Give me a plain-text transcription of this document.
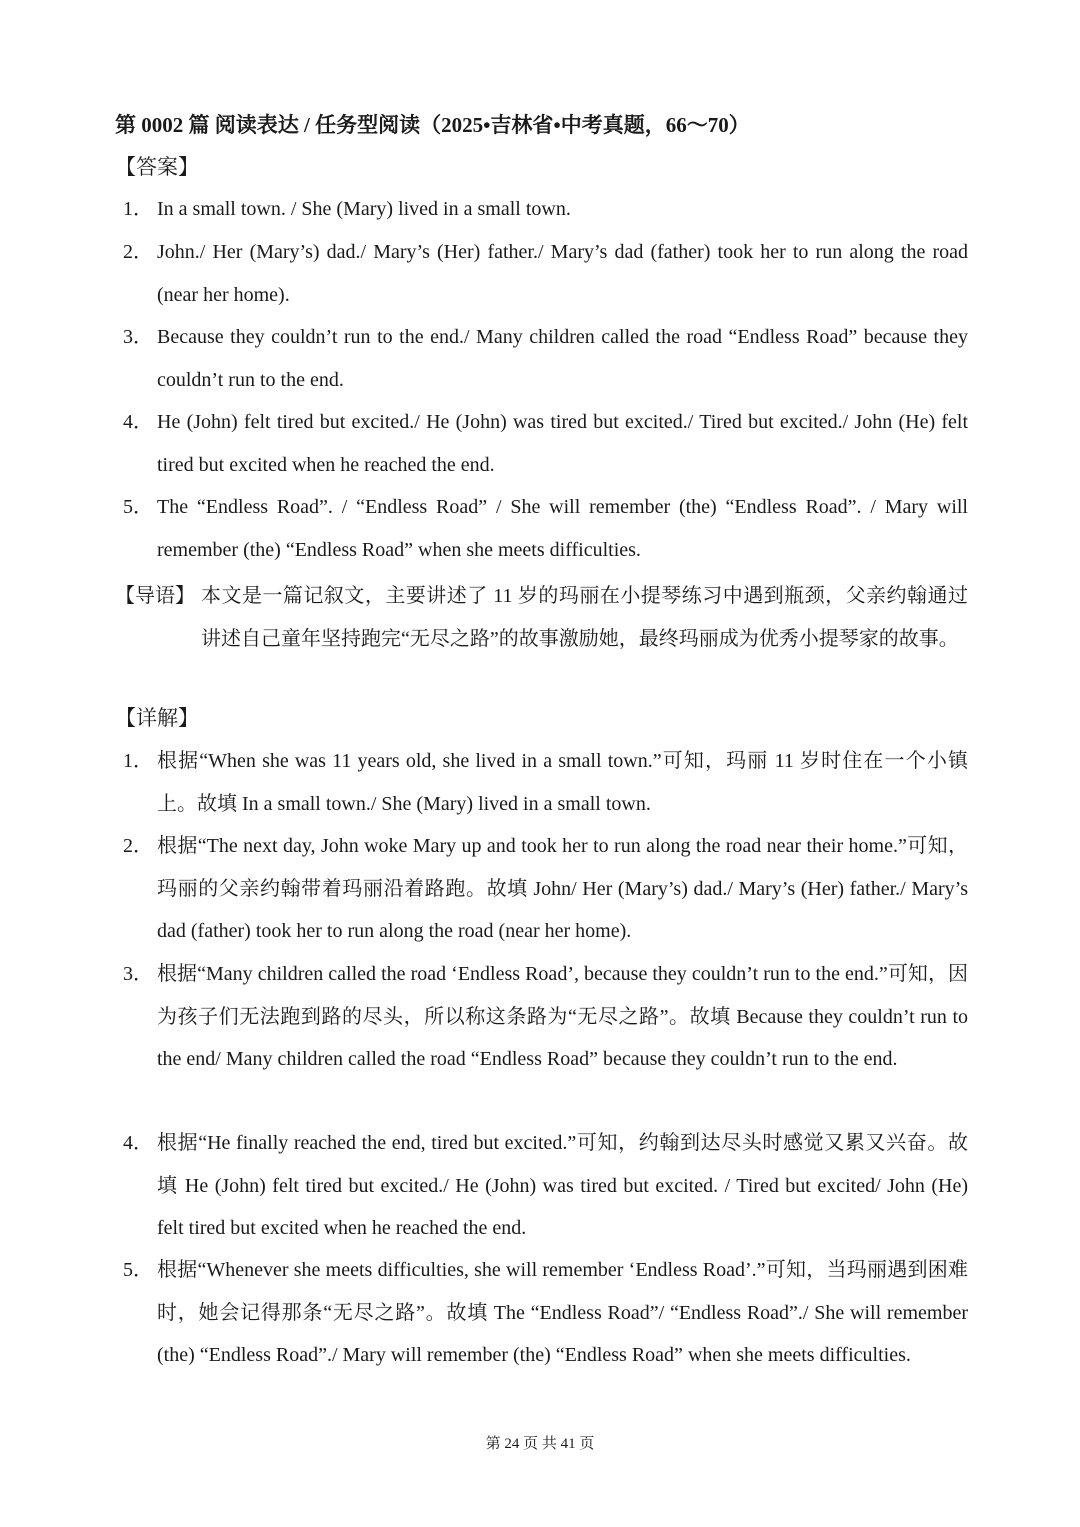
第 0002 篇 阅读表达 / 任务型阅读（2025•吉林省•中考真题，66～70）
【答案】
1． In a small town. / She (Mary) lived in a small town.
2． John./ Her (Mary’s) dad./ Mary’s (Her) father./ Mary’s dad (father) took her to run along the road (near her home).
3． Because they couldn’t run to the end./ Many children called the road “Endless Road” because they couldn’t run to the end.
4． He (John) felt tired but excited./ He (John) was tired but excited./ Tired but excited./ John (He) felt tired but excited when he reached the end.
5． The “Endless Road”. / “Endless Road” / She will remember (the) “Endless Road”. / Mary will remember (the) “Endless Road” when she meets difficulties.
【导语】 本文是一篇记叙文，主要讲述了 11 岁的玛丽在小提琴练习中遇到瓶颈，父亲约翰通过讲述自己童年坚持跑完“无尽之路”的故事激励她，最终玛丽成为优秀小提琴家的故事。
【详解】
1． 根据“When she was 11 years old, she lived in a small town.”可知，玛丽 11 岁时住在一个小镇上。故填 In a small town./ She (Mary) lived in a small town.
2． 根据“The next day, John woke Mary up and took her to run along the road near their home.”可知，玛丽的父亲约翰带着玛丽沿着路跑。故填 John/ Her (Mary’s) dad./ Mary’s (Her) father./ Mary’s dad (father) took her to run along the road (near her home).
3． 根据“Many children called the road ‘Endless Road’, because they couldn’t run to the end.”可知，因为孩子们无法跑到路的尽头，所以称这条路为“无尽之路”。故填 Because they couldn’t run to the end/ Many children called the road “Endless Road” because they couldn’t run to the end.
4． 根据“He finally reached the end, tired but excited.”可知，约翰到达尽头时感觉又累又兴奋。故填 He (John) felt tired but excited./ He (John) was tired but excited. / Tired but excited/ John (He) felt tired but excited when he reached the end.
5． 根据“Whenever she meets difficulties, she will remember ‘Endless Road’.”可知，当玛丽遇到困难时，她会记得那条“无尽之路”。故填 The “Endless Road”/ “Endless Road”./ She will remember (the) “Endless Road”./ Mary will remember (the) “Endless Road” when she meets difficulties.
第 24 页 共 41 页
